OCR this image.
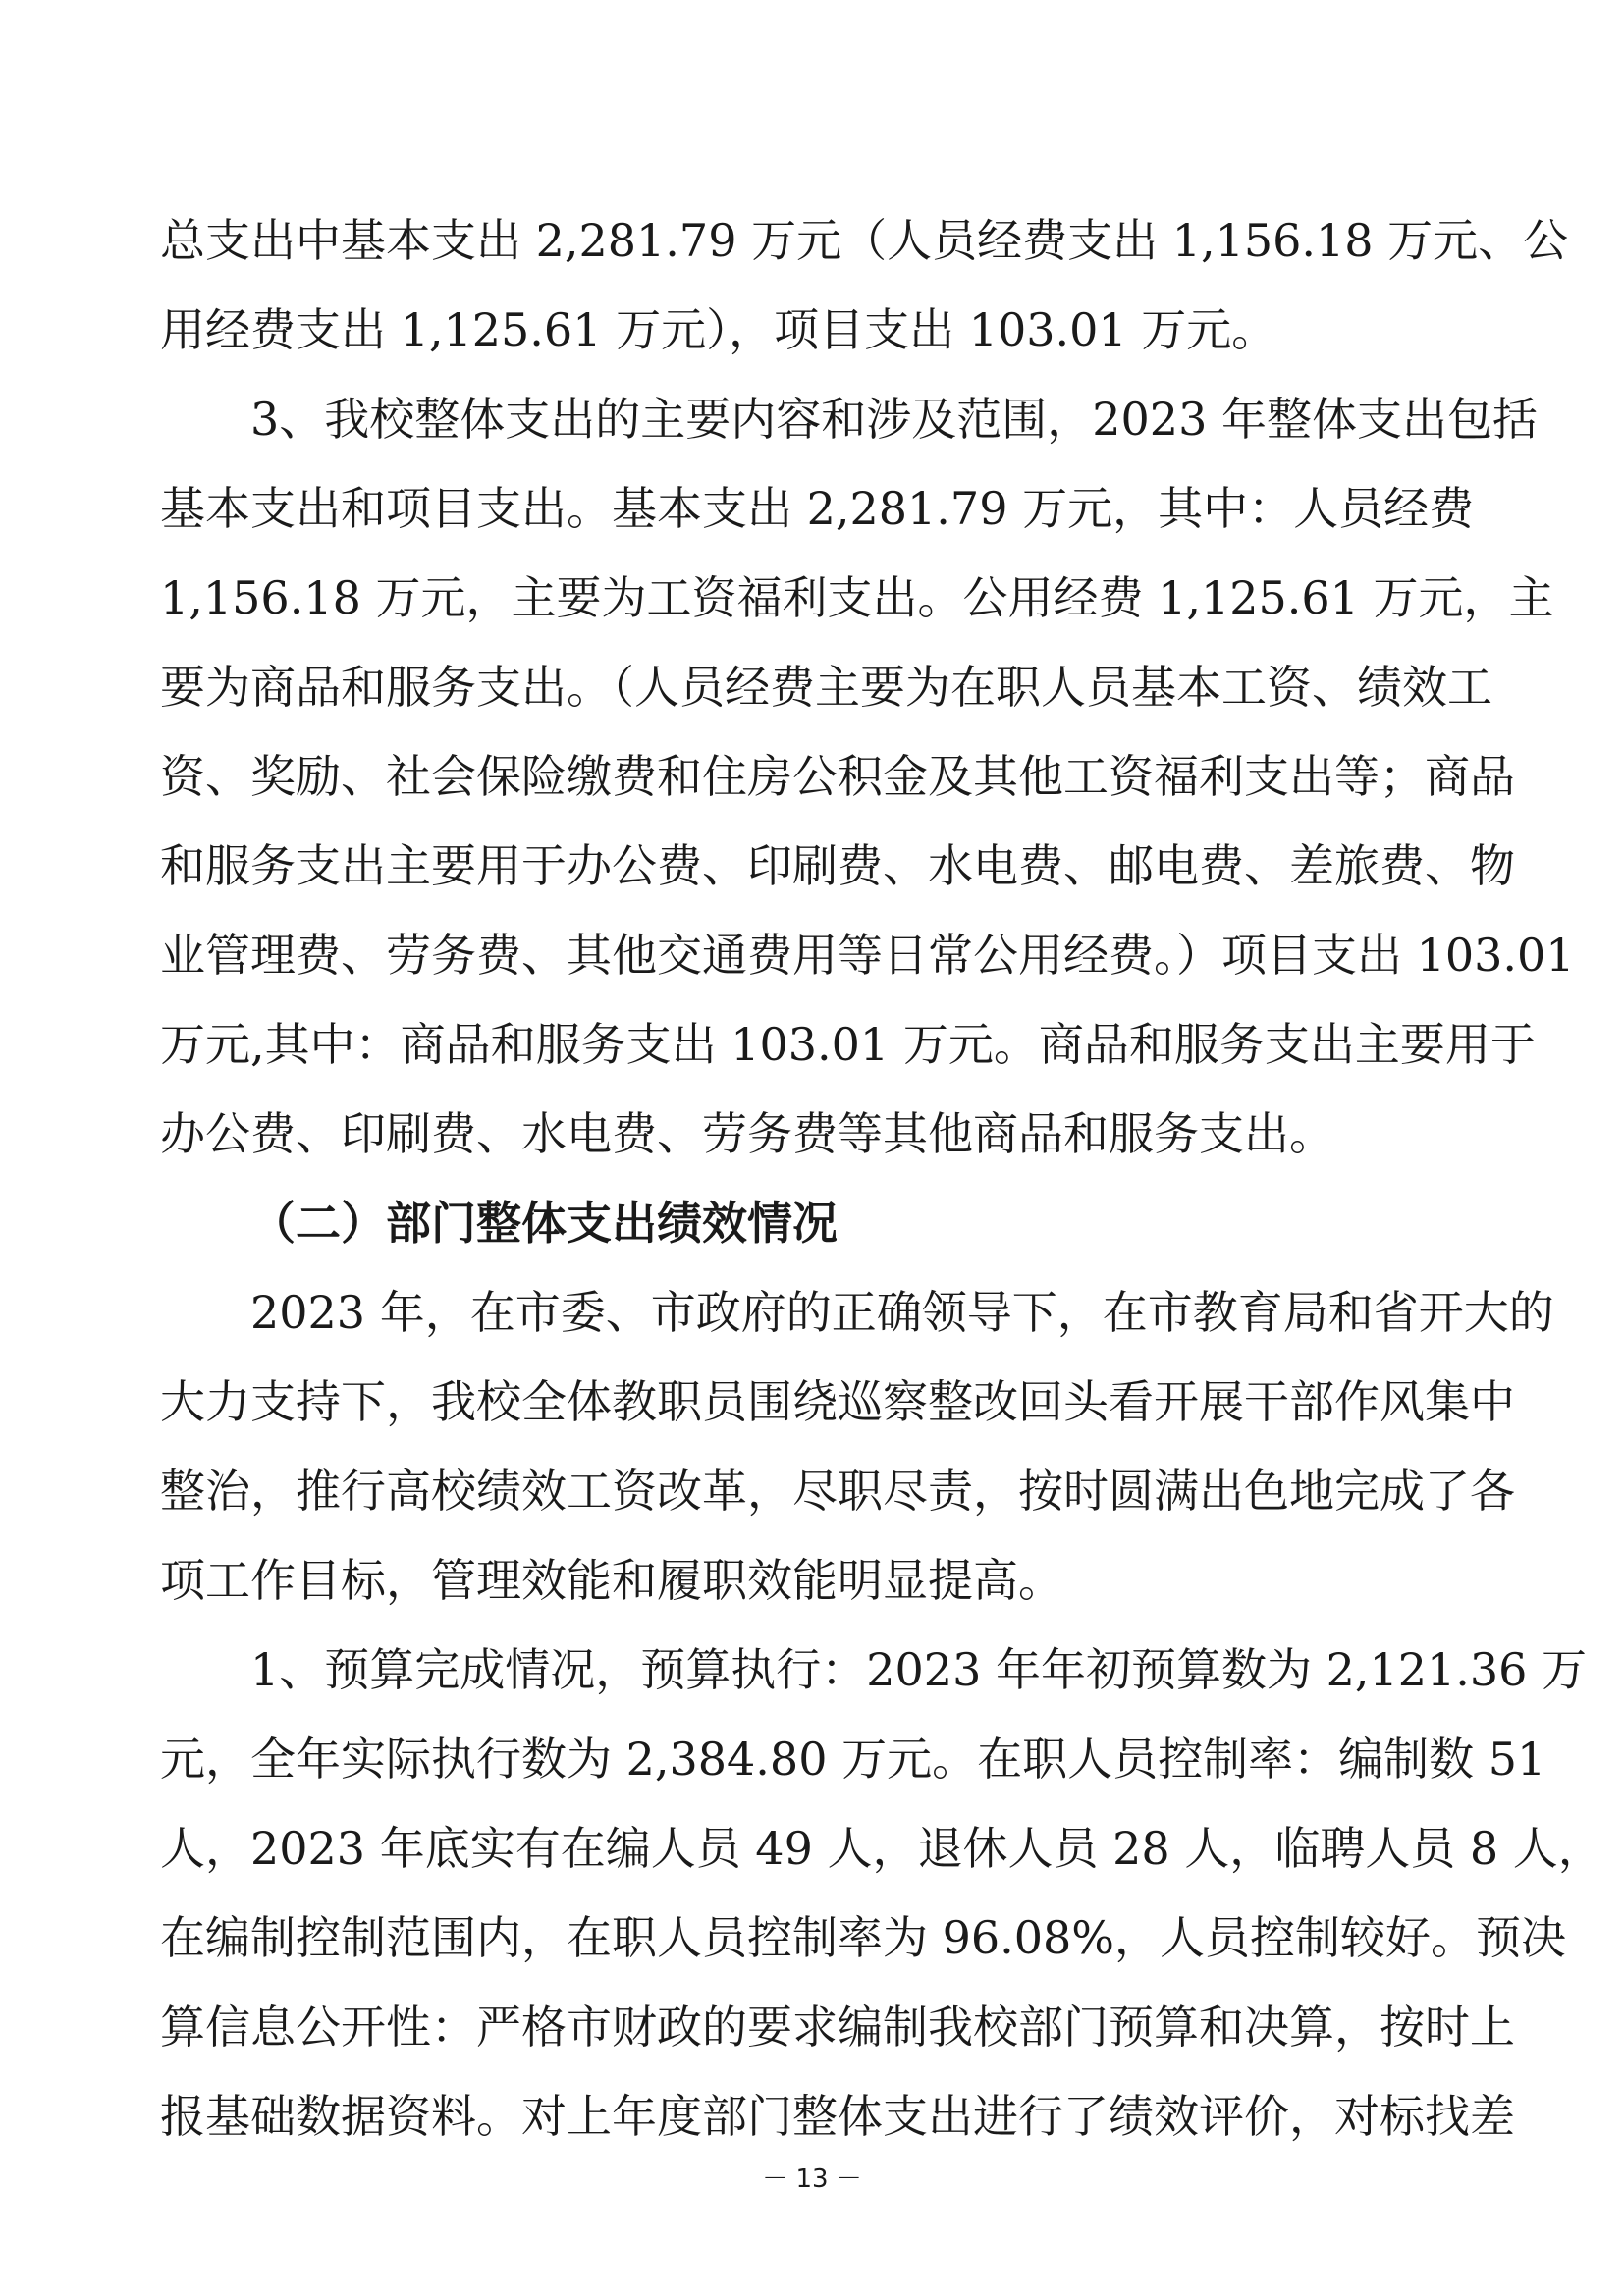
总支出中基本支出 2,281.79 万元（人员经费支出 1,156.18 万元、公
用经费支出 1,125.61 万元），项目支出 103.01 万元。
3、我校整体支出的主要内容和涉及范围，2023 年整体支出包括
基本支出和项目支出。基本支出 2,281.79 万元，其中：人员经费
1,156.18 万元，主要为工资福利支出。公用经费 1,125.61 万元，主
要为商品和服务支出。（人员经费主要为在职人员基本工资、绩效工
资、奖励、社会保险缴费和住房公积金及其他工资福利支出等；商品
和服务支出主要用于办公费、印刷费、水电费、邮电费、差旅费、物
业管理费、劳务费、其他交通费用等日常公用经费。）项目支出 103.01
万元,其中：商品和服务支出 103.01 万元。商品和服务支出主要用于
办公费、印刷费、水电费、劳务费等其他商品和服务支出。
（二）部门整体支出绩效情况
2023 年，在市委、市政府的正确领导下，在市教育局和省开大的
大力支持下，我校全体教职员围绕巡察整改回头看开展干部作风集中
整治，推行高校绩效工资改革，尽职尽责，按时圆满出色地完成了各
项工作目标，管理效能和履职效能明显提高。
1、预算完成情况，预算执行：2023 年年初预算数为 2,121.36 万
元，全年实际执行数为 2,384.80 万元。在职人员控制率：编制数 51
人，2023 年底实有在编人员 49 人，退休人员 28 人，临聘人员 8 人，
在编制控制范围内，在职人员控制率为 96.08%，人员控制较好。预决
算信息公开性：严格市财政的要求编制我校部门预算和决算，按时上
报基础数据资料。对上年度部门整体支出进行了绩效评价，对标找差
－ 13 －
